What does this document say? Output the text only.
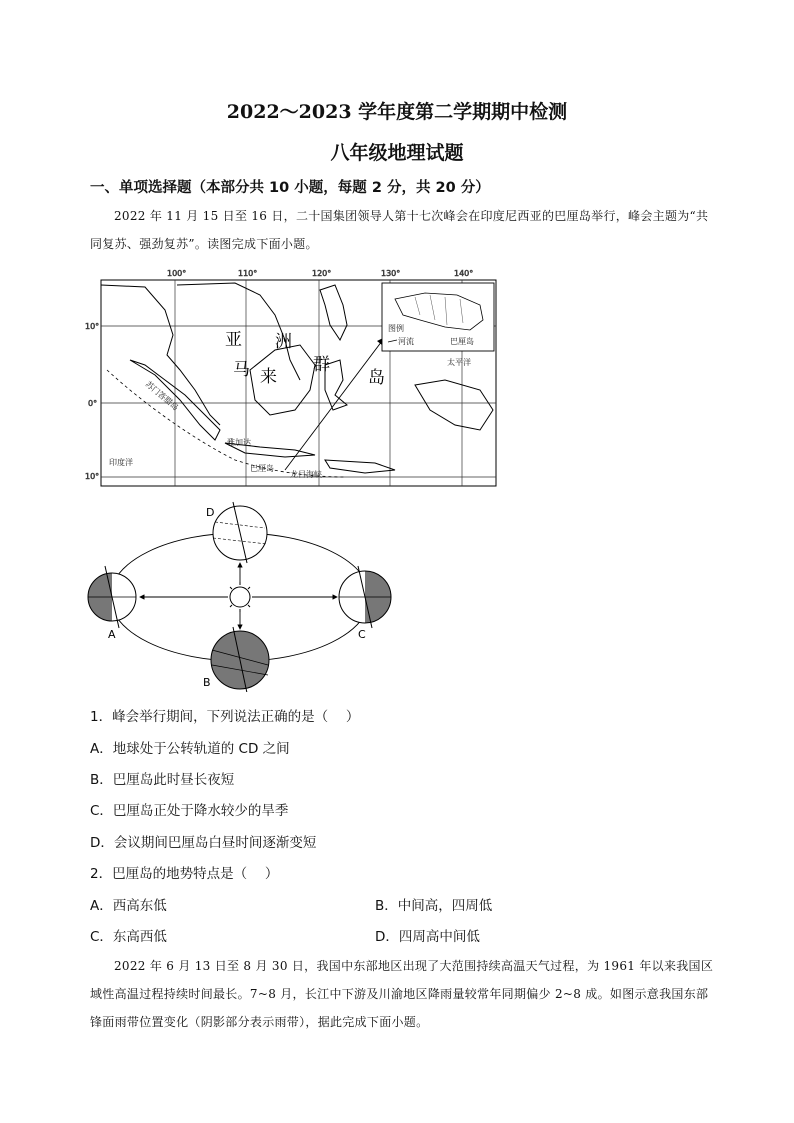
2022～2023 学年度第二学期期中检测
八年级地理试题
一、单项选择题（本部分共 10 小题，每题 2 分，共 20 分）
2022 年 11 月 15 日至 16 日，二十国集团领导人第十七次峰会在印度尼西亚的巴厘岛举行，峰会主题为“共同复苏、强劲复苏”。读图完成下面小题。
100°	110°	120°	130°	140°
10°
0°
10°
图例
河流	巴厘岛
亚 洲
马 来
群
岛
苏门答腊岛
雅加达
巴厘岛
龙目海峡
印度洋
太平洋
A
B
C
D
1．峰会举行期间，下列说法正确的是（　 ）
A．地球处于公转轨道的 CD 之间
B．巴厘岛此时昼长夜短
C．巴厘岛正处于降水较少的旱季
D．会议期间巴厘岛白昼时间逐渐变短
2．巴厘岛的地势特点是（　 ）
A．西高东低	B．中间高，四周低
C．东高西低	D．四周高中间低
2022 年 6 月 13 日至 8 月 30 日，我国中东部地区出现了大范围持续高温天气过程，为 1961 年以来我国区域性高温过程持续时间最长。7~8 月，长江中下游及川渝地区降雨量较常年同期偏少 2~8 成。如图示意我国东部锋面雨带位置变化（阴影部分表示雨带），据此完成下面小题。
